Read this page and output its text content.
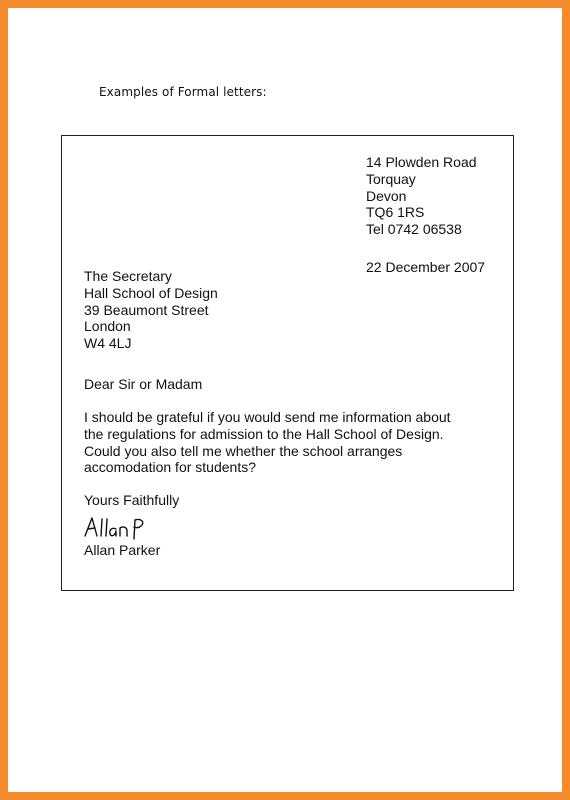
Examples of Formal letters:
14 Plowden Road
Torquay
Devon
TQ6 1RS
Tel 0742 06538
22 December 2007
The Secretary
Hall School of Design
39 Beaumont Street
London
W4 4LJ
Dear Sir or Madam
I should be grateful if you would send me information about
the regulations for admission to the Hall School of Design.
Could you also tell me whether the school arranges
accomodation for students?
Yours Faithfully
Allan Parker
